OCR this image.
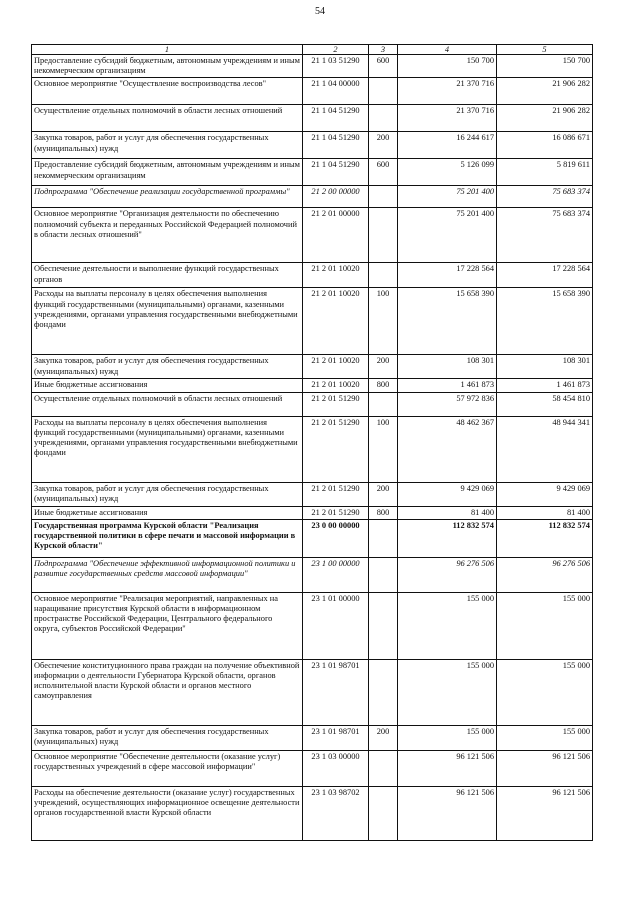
54
1	2	3	4	5
Предоставление субсидий бюджетным, автономным учреждениям и иным некоммерческим организациям	21 1 03 51290	600	150 700	150 700
Основное мероприятие "Осуществление воспроизводства лесов"	21 1 04 00000		21 370 716	21 906 282
Осуществление отдельных полномочий в области лесных отношений	21 1 04 51290		21 370 716	21 906 282
Закупка товаров, работ и услуг для обеспечения государственных (муниципальных) нужд	21 1 04 51290	200	16 244 617	16 086 671
Предоставление субсидий бюджетным, автономным учреждениям и иным некоммерческим организациям	21 1 04 51290	600	5 126 099	5 819 611
Подпрограмма "Обеспечение реализации государственной программы"	21 2 00 00000		75 201 400	75 683 374
Основное мероприятие "Организация деятельности по обеспечению полномочий субъекта и переданных Российской Федерацией полномочий в области лесных отношений"	21 2 01 00000		75 201 400	75 683 374
Обеспечение деятельности и выполнение функций государственных органов	21 2 01 10020		17 228 564	17 228 564
Расходы на выплаты персоналу в целях обеспечения выполнения функций государственными (муниципальными) органами, казенными учреждениями, органами управления государственными внебюджетными фондами	21 2 01 10020	100	15 658 390	15 658 390
Закупка товаров, работ и услуг для обеспечения государственных (муниципальных) нужд	21 2 01 10020	200	108 301	108 301
Иные бюджетные ассигнования	21 2 01 10020	800	1 461 873	1 461 873
Осуществление отдельных полномочий в области лесных отношений	21 2 01 51290		57 972 836	58 454 810
Расходы на выплаты персоналу в целях обеспечения выполнения функций государственными (муниципальными) органами, казенными учреждениями, органами управления государственными внебюджетными фондами	21 2 01 51290	100	48 462 367	48 944 341
Закупка товаров, работ и услуг для обеспечения государственных (муниципальных) нужд	21 2 01 51290	200	9 429 069	9 429 069
Иные бюджетные ассигнования	21 2 01 51290	800	81 400	81 400
Государственная программа Курской области "Реализация государственной политики в сфере печати и массовой информации в Курской области"	23 0 00 00000		112 832 574	112 832 574
Подпрограмма "Обеспечение эффективной информационной политики и развитие государственных средств массовой информации"	23 1 00 00000		96 276 506	96 276 506
Основное мероприятие "Реализация мероприятий, направленных на наращивание присутствия Курской области в информационном пространстве Российской Федерации, Центрального федерального округа, субъектов Российской Федерации"	23 1 01 00000		155 000	155 000
Обеспечение конституционного права граждан на получение объективной информации о деятельности Губернатора Курской области, органов исполнительной власти Курской области и органов местного самоуправления	23 1 01 98701		155 000	155 000
Закупка товаров, работ и услуг для обеспечения государственных (муниципальных) нужд	23 1 01 98701	200	155 000	155 000
Основное мероприятие "Обеспечение деятельности (оказание услуг) государственных учреждений в сфере массовой информации"	23 1 03 00000		96 121 506	96 121 506
Расходы на обеспечение деятельности (оказание услуг) государственных учреждений, осуществляющих информационное освещение деятельности органов государственной власти Курской области	23 1 03 98702		96 121 506	96 121 506
